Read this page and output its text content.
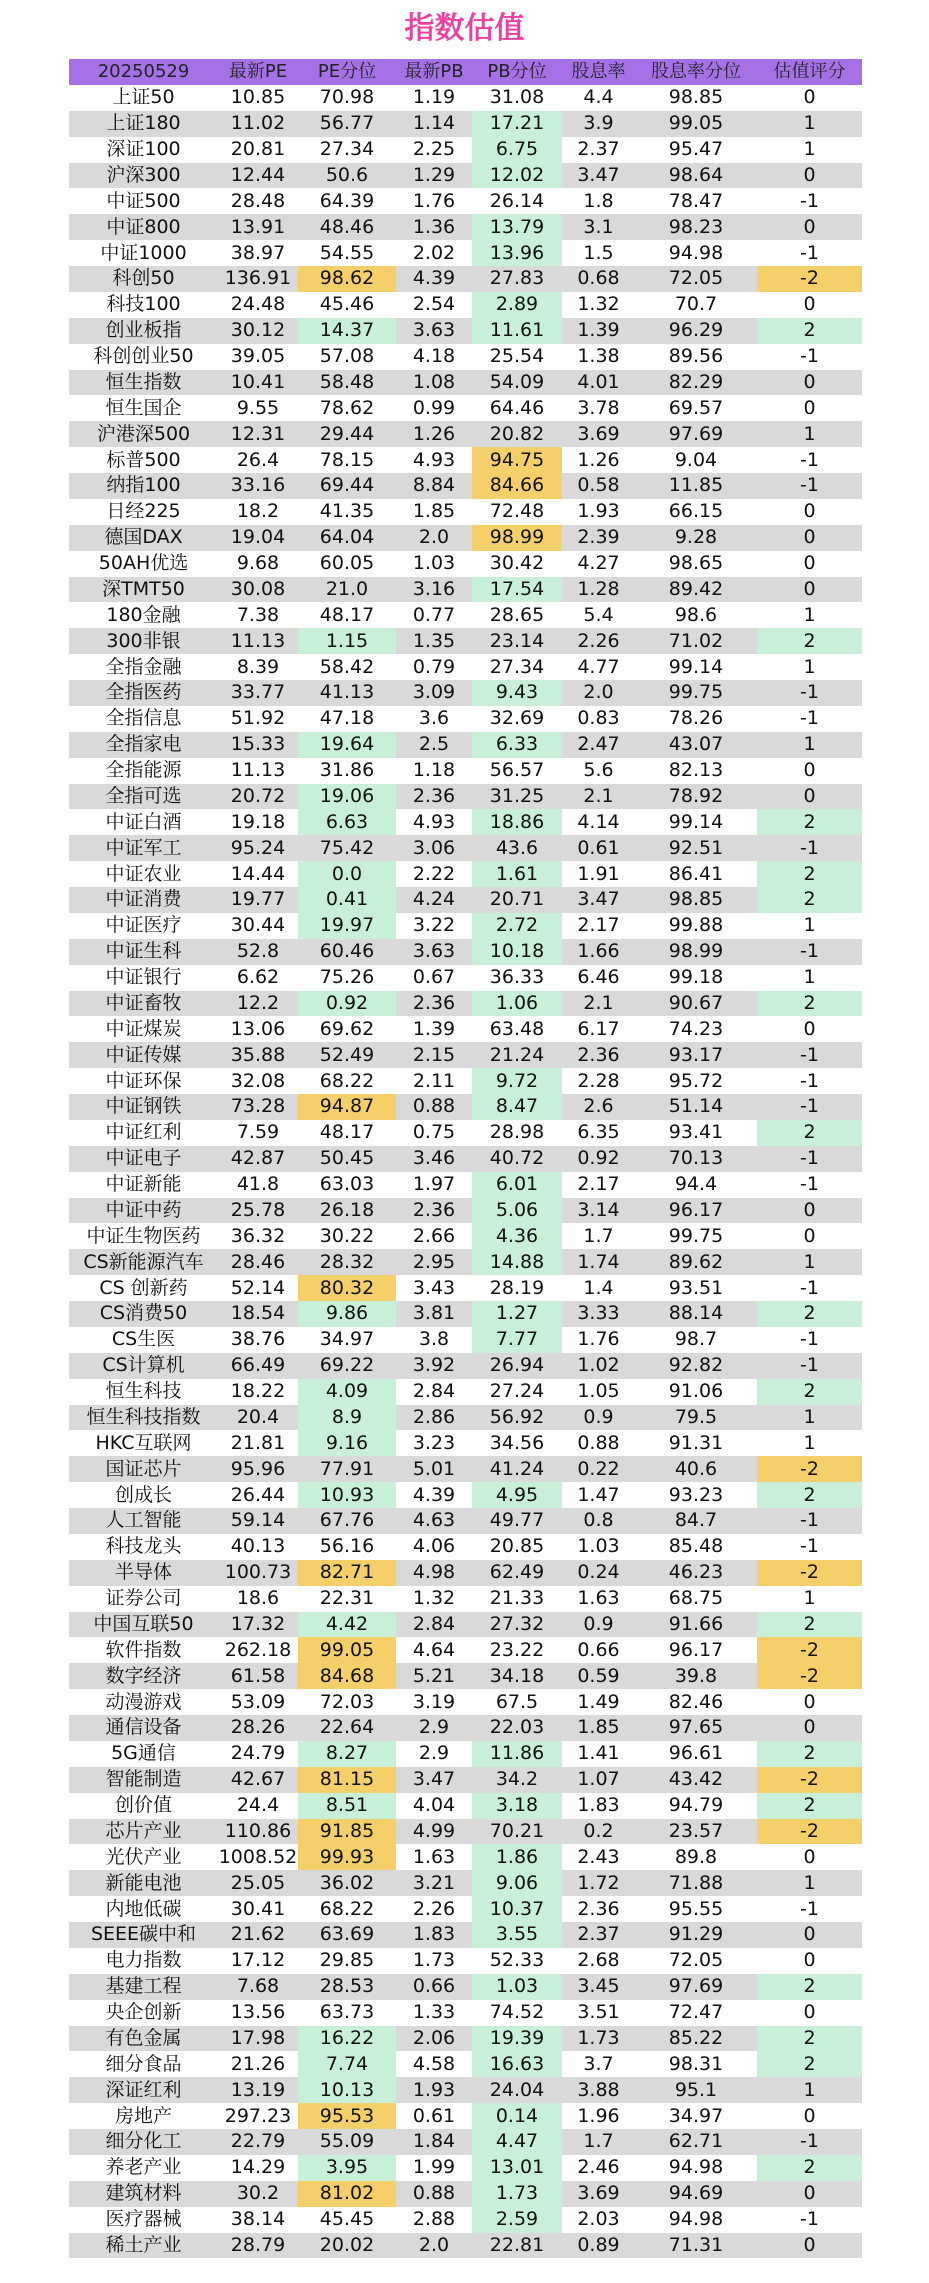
指数估值
20250529	最新PE	PE分位	最新PB	PB分位	股息率	股息率分位	估值评分
上证50	10.85	70.98	1.19	31.08	4.4	98.85	0
上证180	11.02	56.77	1.14	17.21	3.9	99.05	1
深证100	20.81	27.34	2.25	6.75	2.37	95.47	1
沪深300	12.44	50.6	1.29	12.02	3.47	98.64	0
中证500	28.48	64.39	1.76	26.14	1.8	78.47	-1
中证800	13.91	48.46	1.36	13.79	3.1	98.23	0
中证1000	38.97	54.55	2.02	13.96	1.5	94.98	-1
科创50	136.91	98.62	4.39	27.83	0.68	72.05	-2
科技100	24.48	45.46	2.54	2.89	1.32	70.7	0
创业板指	30.12	14.37	3.63	11.61	1.39	96.29	2
科创创业50	39.05	57.08	4.18	25.54	1.38	89.56	-1
恒生指数	10.41	58.48	1.08	54.09	4.01	82.29	0
恒生国企	9.55	78.62	0.99	64.46	3.78	69.57	0
沪港深500	12.31	29.44	1.26	20.82	3.69	97.69	1
标普500	26.4	78.15	4.93	94.75	1.26	9.04	-1
纳指100	33.16	69.44	8.84	84.66	0.58	11.85	-1
日经225	18.2	41.35	1.85	72.48	1.93	66.15	0
德国DAX	19.04	64.04	2.0	98.99	2.39	9.28	0
50AH优选	9.68	60.05	1.03	30.42	4.27	98.65	0
深TMT50	30.08	21.0	3.16	17.54	1.28	89.42	0
180金融	7.38	48.17	0.77	28.65	5.4	98.6	1
300非银	11.13	1.15	1.35	23.14	2.26	71.02	2
全指金融	8.39	58.42	0.79	27.34	4.77	99.14	1
全指医药	33.77	41.13	3.09	9.43	2.0	99.75	-1
全指信息	51.92	47.18	3.6	32.69	0.83	78.26	-1
全指家电	15.33	19.64	2.5	6.33	2.47	43.07	1
全指能源	11.13	31.86	1.18	56.57	5.6	82.13	0
全指可选	20.72	19.06	2.36	31.25	2.1	78.92	0
中证白酒	19.18	6.63	4.93	18.86	4.14	99.14	2
中证军工	95.24	75.42	3.06	43.6	0.61	92.51	-1
中证农业	14.44	0.0	2.22	1.61	1.91	86.41	2
中证消费	19.77	0.41	4.24	20.71	3.47	98.85	2
中证医疗	30.44	19.97	3.22	2.72	2.17	99.88	1
中证生科	52.8	60.46	3.63	10.18	1.66	98.99	-1
中证银行	6.62	75.26	0.67	36.33	6.46	99.18	1
中证畜牧	12.2	0.92	2.36	1.06	2.1	90.67	2
中证煤炭	13.06	69.62	1.39	63.48	6.17	74.23	0
中证传媒	35.88	52.49	2.15	21.24	2.36	93.17	-1
中证环保	32.08	68.22	2.11	9.72	2.28	95.72	-1
中证钢铁	73.28	94.87	0.88	8.47	2.6	51.14	-1
中证红利	7.59	48.17	0.75	28.98	6.35	93.41	2
中证电子	42.87	50.45	3.46	40.72	0.92	70.13	-1
中证新能	41.8	63.03	1.97	6.01	2.17	94.4	-1
中证中药	25.78	26.18	2.36	5.06	3.14	96.17	0
中证生物医药	36.32	30.22	2.66	4.36	1.7	99.75	0
CS新能源汽车	28.46	28.32	2.95	14.88	1.74	89.62	1
CS 创新药	52.14	80.32	3.43	28.19	1.4	93.51	-1
CS消费50	18.54	9.86	3.81	1.27	3.33	88.14	2
CS生医	38.76	34.97	3.8	7.77	1.76	98.7	-1
CS计算机	66.49	69.22	3.92	26.94	1.02	92.82	-1
恒生科技	18.22	4.09	2.84	27.24	1.05	91.06	2
恒生科技指数	20.4	8.9	2.86	56.92	0.9	79.5	1
HKC互联网	21.81	9.16	3.23	34.56	0.88	91.31	1
国证芯片	95.96	77.91	5.01	41.24	0.22	40.6	-2
创成长	26.44	10.93	4.39	4.95	1.47	93.23	2
人工智能	59.14	67.76	4.63	49.77	0.8	84.7	-1
科技龙头	40.13	56.16	4.06	20.85	1.03	85.48	-1
半导体	100.73	82.71	4.98	62.49	0.24	46.23	-2
证券公司	18.6	22.31	1.32	21.33	1.63	68.75	1
中国互联50	17.32	4.42	2.84	27.32	0.9	91.66	2
软件指数	262.18	99.05	4.64	23.22	0.66	96.17	-2
数字经济	61.58	84.68	5.21	34.18	0.59	39.8	-2
动漫游戏	53.09	72.03	3.19	67.5	1.49	82.46	0
通信设备	28.26	22.64	2.9	22.03	1.85	97.65	0
5G通信	24.79	8.27	2.9	11.86	1.41	96.61	2
智能制造	42.67	81.15	3.47	34.2	1.07	43.42	-2
创价值	24.4	8.51	4.04	3.18	1.83	94.79	2
芯片产业	110.86	91.85	4.99	70.21	0.2	23.57	-2
光伏产业	1008.52	99.93	1.63	1.86	2.43	89.8	0
新能电池	25.05	36.02	3.21	9.06	1.72	71.88	1
内地低碳	30.41	68.22	2.26	10.37	2.36	95.55	-1
SEEE碳中和	21.62	63.69	1.83	3.55	2.37	91.29	0
电力指数	17.12	29.85	1.73	52.33	2.68	72.05	0
基建工程	7.68	28.53	0.66	1.03	3.45	97.69	2
央企创新	13.56	63.73	1.33	74.52	3.51	72.47	0
有色金属	17.98	16.22	2.06	19.39	1.73	85.22	2
细分食品	21.26	7.74	4.58	16.63	3.7	98.31	2
深证红利	13.19	10.13	1.93	24.04	3.88	95.1	1
房地产	297.23	95.53	0.61	0.14	1.96	34.97	0
细分化工	22.79	55.09	1.84	4.47	1.7	62.71	-1
养老产业	14.29	3.95	1.99	13.01	2.46	94.98	2
建筑材料	30.2	81.02	0.88	1.73	3.69	94.69	0
医疗器械	38.14	45.45	2.88	2.59	2.03	94.98	-1
稀土产业	28.79	20.02	2.0	22.81	0.89	71.31	0
